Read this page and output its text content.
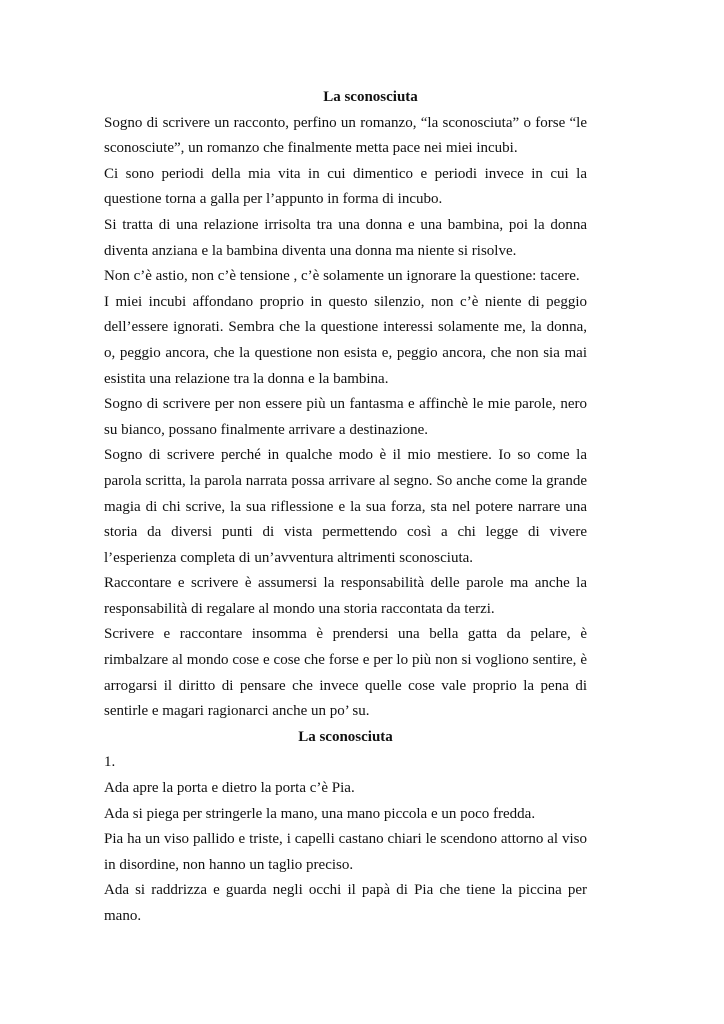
La sconosciuta

Sogno di scrivere un racconto, perfino un romanzo, “la sconosciuta” o forse “le sconosciute”, un romanzo che finalmente metta pace nei miei incubi.

Ci sono periodi della mia vita in cui dimentico e periodi invece in cui la questione torna a galla per l’appunto in forma di incubo.

Si tratta di una relazione irrisolta tra una donna e una bambina, poi la donna diventa anziana e la bambina diventa una donna ma niente si risolve.

Non c’è astio, non c’è tensione , c’è solamente un ignorare la questione: tacere.

I miei incubi affondano proprio in questo silenzio, non c’è niente di peggio dell’essere ignorati. Sembra che la questione interessi solamente me, la donna, o, peggio ancora, che la questione non esista e, peggio ancora, che non sia mai esistita una relazione tra la donna e la bambina.

Sogno di scrivere per non essere più un fantasma e affinchè le mie parole, nero su bianco, possano finalmente arrivare a destinazione.

Sogno di scrivere perché in qualche modo è il mio mestiere. Io so come la parola scritta, la parola narrata possa arrivare al segno. So anche come la grande magia di chi scrive, la sua riflessione e la sua forza, sta nel potere narrare una storia da diversi punti di vista permettendo così a chi legge di vivere l’esperienza completa di un’avventura altrimenti sconosciuta.

Raccontare e scrivere è assumersi la responsabilità delle parole ma anche la responsabilità di regalare al mondo una storia raccontata da terzi.

Scrivere e raccontare insomma è prendersi una bella gatta da pelare, è rimbalzare al mondo cose e cose che forse e per lo più non si vogliono sentire, è arrogarsi il diritto di pensare che invece quelle cose vale proprio la pena di sentirle e magari ragionarci anche un po’ su.

La sconosciuta

1.

Ada apre la porta e dietro la porta c’è Pia.

Ada si piega per stringerle la mano, una mano piccola e un poco fredda.

Pia ha un viso pallido e triste, i capelli castano chiari le scendono attorno al viso in disordine, non hanno un taglio preciso.

Ada si raddrizza e guarda negli occhi il papà di Pia che tiene la piccina per mano.
